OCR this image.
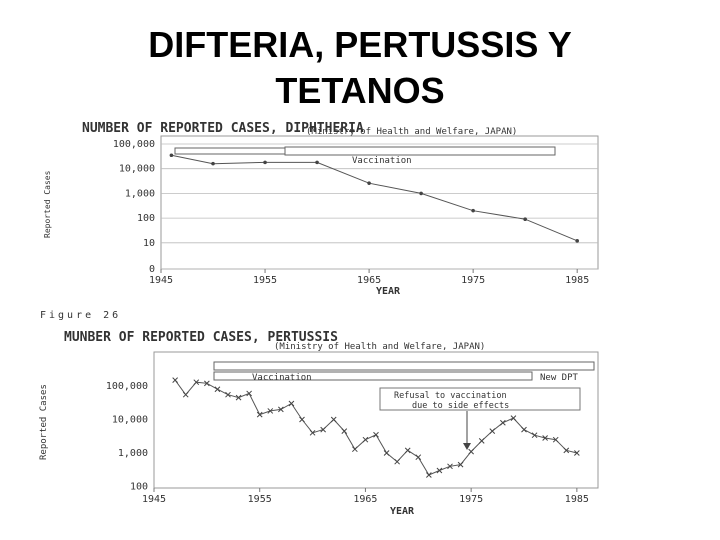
DIFTERIA, PERTUSSIS Y
TETANOS
NUMBER OF REPORTED CASES, DIPHTHERIA
(Ministry of Health and Welfare, JAPAN)
Reported Cases
YEAR
100,000
10,000
1,000
100
10
0
1945	1955	1965	1975	1985
Vaccination
Figure 26
MUNBER OF REPORTED CASES, PERTUSSIS
(Ministry of Health and Welfare, JAPAN)
Reported Cases
YEAR
100,000
10,000
1,000
100
1945	1955	1965	1975	1985
Vaccination	New DPT
Refusal to vaccination
due to side effects
